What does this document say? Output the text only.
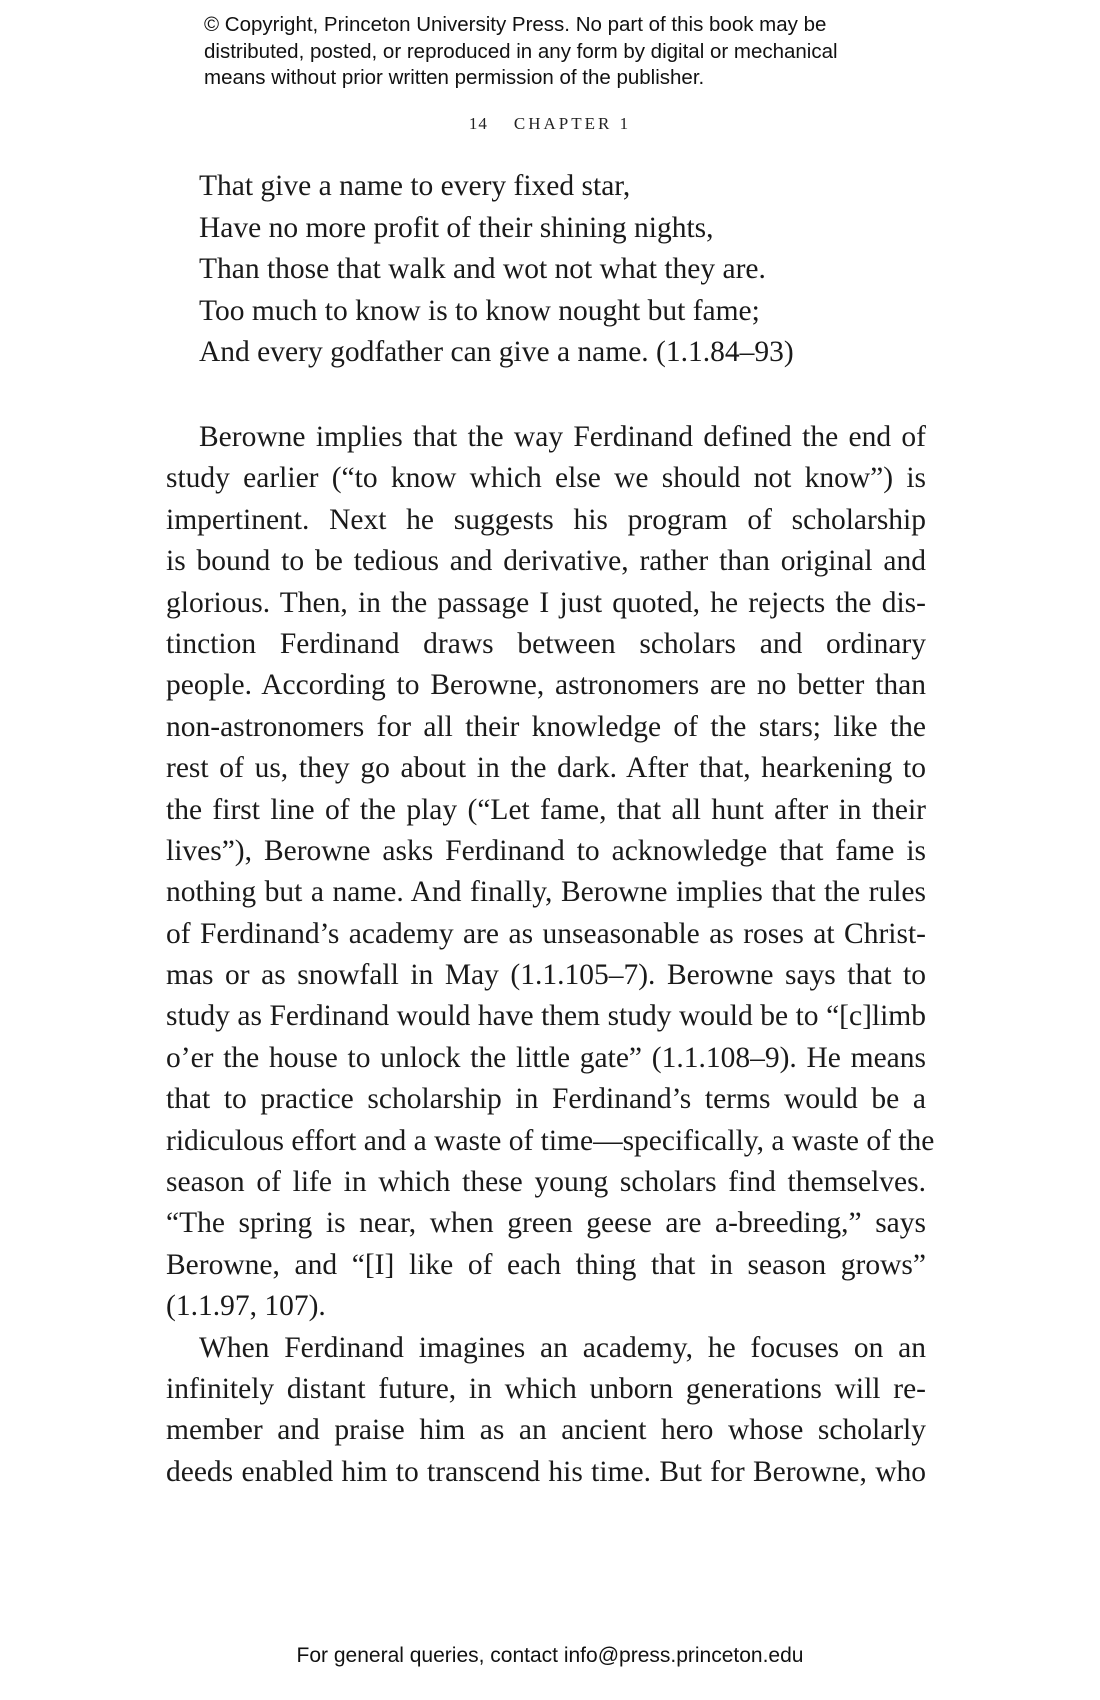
© Copyright, Princeton University Press. No part of this book may be
distributed, posted, or reproduced in any form by digital or mechanical
means without prior written permission of the publisher.
14 CHAPTER 1
That give a name to every fixed star,
Have no more profit of their shining nights,
Than those that walk and wot not what they are.
Too much to know is to know nought but fame;
And every godfather can give a name. (1.1.84–93)
Berowne implies that the way Ferdinand defined the end of
study earlier (“to know which else we should not know”) is
impertinent. Next he suggests his program of scholarship
is bound to be tedious and derivative, rather than original and
glorious. Then, in the passage I just quoted, he rejects the dis-
tinction Ferdinand draws between scholars and ordinary
people. According to Berowne, astronomers are no better than
non-astronomers for all their knowledge of the stars; like the
rest of us, they go about in the dark. After that, hearkening to
the first line of the play (“Let fame, that all hunt after in their
lives”), Berowne asks Ferdinand to acknowledge that fame is
nothing but a name. And finally, Berowne implies that the rules
of Ferdinand’s academy are as unseasonable as roses at Christ-
mas or as snowfall in May (1.1.105–7). Berowne says that to
study as Ferdinand would have them study would be to “[c]limb
o’er the house to unlock the little gate” (1.1.108–9). He means
that to practice scholarship in Ferdinand’s terms would be a
ridiculous effort and a waste of time—specifically, a waste of the
season of life in which these young scholars find themselves.
“The spring is near, when green geese are a-breeding,” says
Berowne, and “[I] like of each thing that in season grows”
(1.1.97, 107).
When Ferdinand imagines an academy, he focuses on an
infinitely distant future, in which unborn generations will re-
member and praise him as an ancient hero whose scholarly
deeds enabled him to transcend his time. But for Berowne, who
For general queries, contact info@press.princeton.edu
